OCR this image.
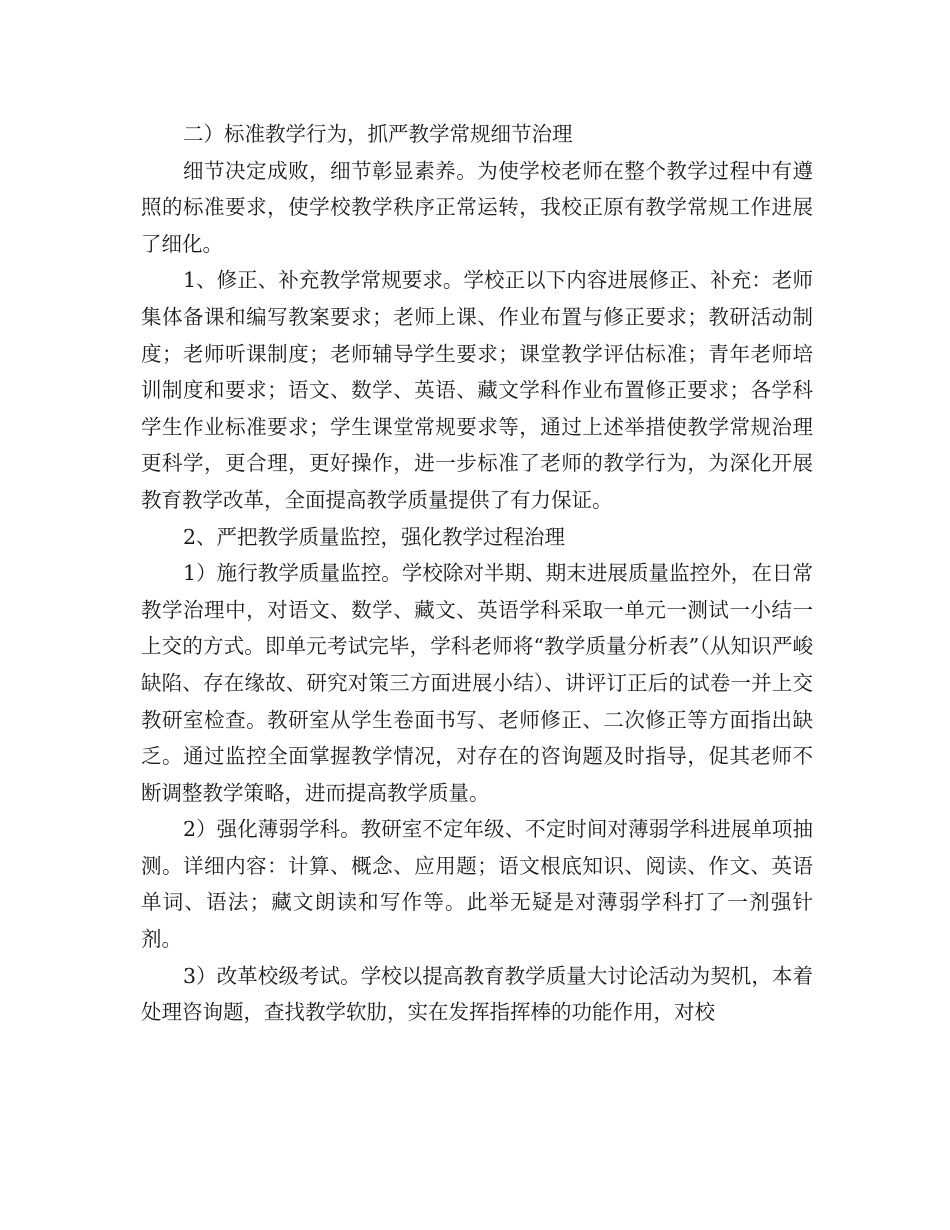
二）标准教学行为，抓严教学常规细节治理

细节决定成败，细节彰显素养。为使学校老师在整个教学过程中有遵照的标准要求，使学校教学秩序正常运转，我校正原有教学常规工作进展了细化。

1、修正、补充教学常规要求。学校正以下内容进展修正、补充：老师集体备课和编写教案要求；老师上课、作业布置与修正要求；教研活动制度；老师听课制度；老师辅导学生要求；课堂教学评估标准；青年老师培训制度和要求；语文、数学、英语、藏文学科作业布置修正要求；各学科学生作业标准要求；学生课堂常规要求等，通过上述举措使教学常规治理更科学，更合理，更好操作，进一步标准了老师的教学行为，为深化开展教育教学改革，全面提高教学质量提供了有力保证。

2、严把教学质量监控，强化教学过程治理

1）施行教学质量监控。学校除对半期、期末进展质量监控外，在日常教学治理中，对语文、数学、藏文、英语学科采取一单元一测试一小结一上交的方式。即单元考试完毕，学科老师将“教学质量分析表”（从知识严峻缺陷、存在缘故、研究对策三方面进展小结）、讲评订正后的试卷一并上交教研室检查。教研室从学生卷面书写、老师修正、二次修正等方面指出缺乏。通过监控全面掌握教学情况，对存在的咨询题及时指导，促其老师不断调整教学策略，进而提高教学质量。

2）强化薄弱学科。教研室不定年级、不定时间对薄弱学科进展单项抽测。详细内容：计算、概念、应用题；语文根底知识、阅读、作文、英语单词、语法；藏文朗读和写作等。此举无疑是对薄弱学科打了一剂强针剂。

3）改革校级考试。学校以提高教育教学质量大讨论活动为契机，本着处理咨询题，查找教学软肋，实在发挥指挥棒的功能作用，对校
